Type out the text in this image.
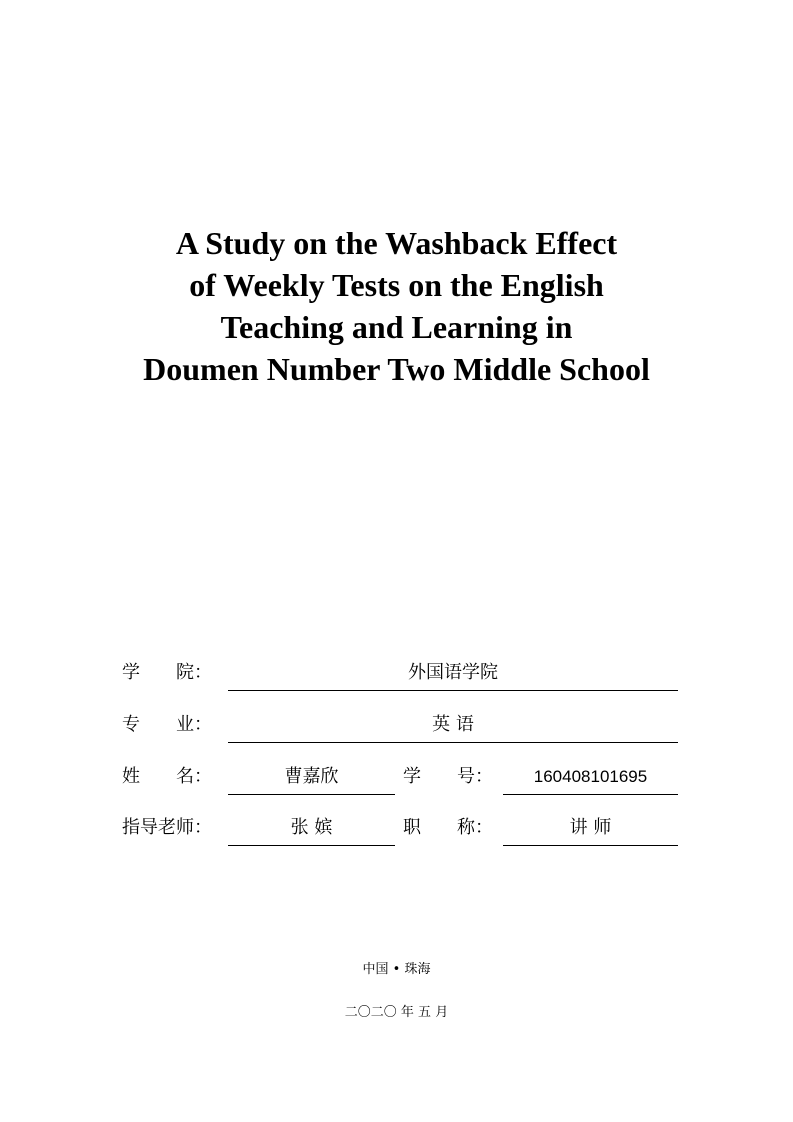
A Study on the Washback Effect
of Weekly Tests on the English
Teaching and Learning in
Doumen Number Two Middle School
学　　院：	外国语学院
专　　业：	英 语
姓　　名：	曹嘉欣	学　　号：	160408101695
指导老师：	张 嫔	职　　称：	讲 师
中国 • 珠海
二〇二〇 年 五 月
